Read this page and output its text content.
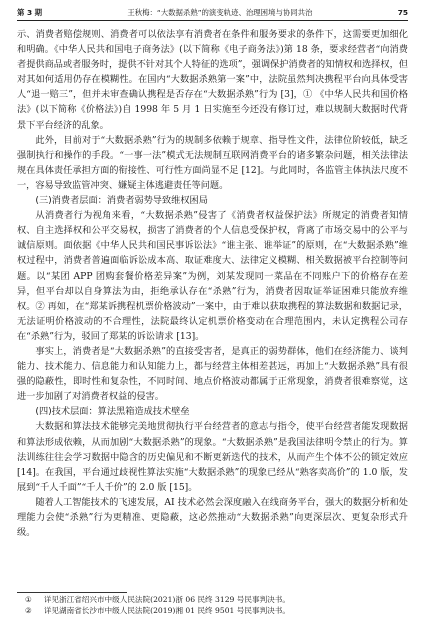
第 3 期	王秋梅：“大数据杀熟”的演变轨迹、治理困境与协同共治	75

示、消费者赔偿规则、消费者可以依法享有消费者在条件和服务要求的条件下，这需要更加细化和明确。《中华人民共和国电子商务法》(以下简称《电子商务法》)第 18 条，要求经营者“向消费者提供商品或者服务时，提供不针对其个人特征的选项”，强调保护消费者的知情权和选择权，但对其如何适用仍存在模糊性。在国内“大数据杀熟第一案”中，法院虽然判决携程平台向具体受害人“退一赔三”，但并未审查确认携程是否存在“大数据杀熟”行为 [3]，① 《中华人民共和国价格法》(以下简称《价格法》)自 1998 年 5 月 1 日实施至今还没有修订过，难以规制大数据时代背景下平台经济的乱象。

此外，目前对于“大数据杀熟”行为的规制多依赖于规章、指导性文件，法律位阶较低，缺乏强制执行和操作的手段。“一事一法”模式无法规制互联网消费平台的诸多繁杂问题，相关法律法规在具体责任承担方面的衔接性、可行性方面尚显不足 [12]。与此同时，各监管主体执法尺度不一，容易导致监管冲突、嫌疑主体逃避责任等问题。

(三)消费者层面：消费者弱势导致维权困局

从消费者行为视角来看，“大数据杀熟”侵害了《消费者权益保护法》所规定的消费者知情权、自主选择权和公平交易权，损害了消费者的个人信息受保护权，背离了市场交易中的公平与诚信原则。面依据《中华人民共和国民事诉讼法》“谁主张、谁举证”的原则，在“大数据杀熟”维权过程中，消费者普遍面临诉讼成本高、取证难度大、法律定义模糊、相关数据被平台控制等问题。以“某团 APP 团购套餐价格差异案”为例，刘某发现同一菜品在不同账户下的价格存在差异，但平台却以自身算法为由，拒绝承认存在“杀熟”行为，消费者因取证举证困难只能放弃维权。② 再如，在“郑某诉携程机票价格波动”一案中，由于难以获取携程的算法数据和数据记录，无法证明价格波动的不合理性，法院最终认定机票价格变动在合理范围内，未认定携程公司存在“杀熟”行为，驳回了郑某的诉讼请求 [13]。

事实上，消费者是“大数据杀熟”的直接受害者，是真正的弱势群体，他们在经济能力、谈判能力、技术能力、信息能力和认知能力上，都与经营主体相差甚远，再加上“大数据杀熟”具有很强的隐蔽性，即时性和复杂性，不同时间、地点价格波动都属于正常现象，消费者很难察觉，这进一步加剧了对消费者权益的侵害。

(四)技术层面：算法黑箱造成技术壁垒

大数据和算法技术能够完美地贯彻执行平台经营者的意志与指令，使平台经营者能发现数据和算法形成依赖，从而加剧“大数据杀熟”的现象。“大数据杀熟”是我国法律明令禁止的行为。算法训练往往会学习数据中隐含的历史偏见和不断更新迭代的技术，从而产生个体不公的锁定效应 [14]。在我国，平台通过歧视性算法实施“大数据杀熟”的现象已经从“熟客卖高价”的 1.0 版，发展到“千人千面”“千人千价”的 2.0 版 [15]。

随着人工智能技术的飞速发展，AI 技术必然会深度融入在线商务平台，强大的数据分析和处理能力会使“杀熟”行为更精准、更隐蔽，这必然推动“大数据杀熟”向更深层次、更复杂形式升级。

① 详见浙江省绍兴市中级人民法院(2021)浙 06 民终 3129 号民事判决书。
② 详见湖南省长沙市中级人民法院(2019)湘 01 民终 9501 号民事判决书。
